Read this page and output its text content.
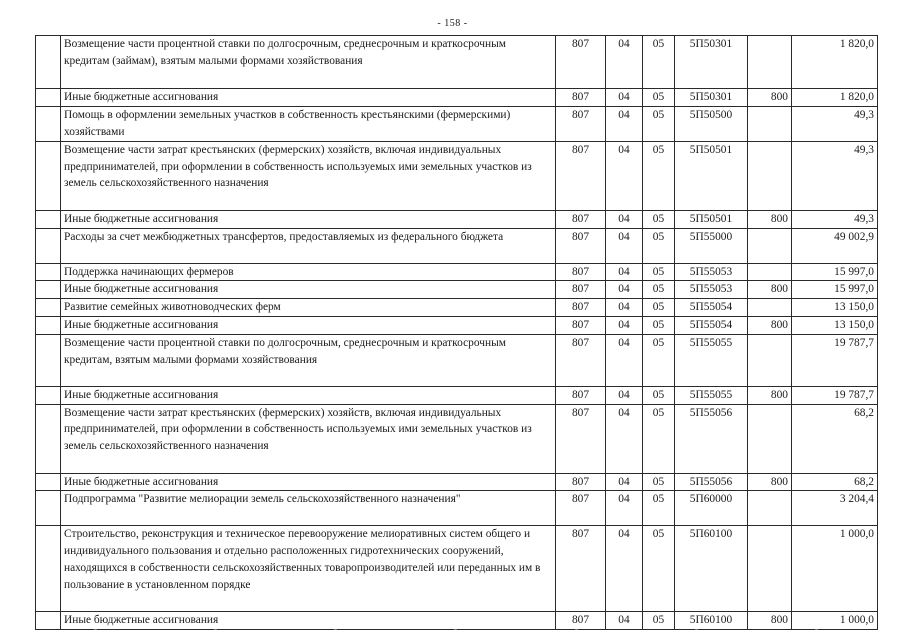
- 158 -
	Возмещение части процентной ставки по долгосрочным, среднесрочным и краткосрочным кредитам (займам), взятым малыми формами хозяйствования	807	04	05	5П50301		1 820,0
	Иные бюджетные ассигнования	807	04	05	5П50301	800	1 820,0
	Помощь в оформлении земельных участков в собственность крестьянскими (фермерскими) хозяйствами	807	04	05	5П50500		49,3
	Возмещение части затрат крестьянских (фермерских) хозяйств, включая индивидуальных предпринимателей, при оформлении в собственность используемых ими земельных участков из земель сельскохозяйственного назначения	807	04	05	5П50501		49,3
	Иные бюджетные ассигнования	807	04	05	5П50501	800	49,3
	Расходы за счет межбюджетных трансфертов, предоставляемых из федерального бюджета	807	04	05	5П55000		49 002,9
	Поддержка начинающих фермеров	807	04	05	5П55053		15 997,0
	Иные бюджетные ассигнования	807	04	05	5П55053	800	15 997,0
	Развитие семейных животноводческих ферм	807	04	05	5П55054		13 150,0
	Иные бюджетные ассигнования	807	04	05	5П55054	800	13 150,0
	Возмещение части процентной ставки по долгосрочным, среднесрочным и краткосрочным кредитам, взятым малыми формами хозяйствования	807	04	05	5П55055		19 787,7
	Иные бюджетные ассигнования	807	04	05	5П55055	800	19 787,7
	Возмещение части затрат крестьянских (фермерских) хозяйств, включая индивидуальных предпринимателей, при оформлении в собственность используемых ими земельных участков из земель сельскохозяйственного назначения	807	04	05	5П55056		68,2
	Иные бюджетные ассигнования	807	04	05	5П55056	800	68,2
	Подпрограмма "Развитие мелиорации земель сельскохозяйственного назначения"	807	04	05	5П60000		3 204,4
	Строительство, реконструкция и техническое перевооружение мелиоративных систем общего и индивидуального пользования и отдельно расположенных гидротехнических сооружений, находящихся в собственности сельскохозяйственных товаропроизводителей или переданных им в пользование в установленном порядке	807	04	05	5П60100		1 000,0
	Иные бюджетные ассигнования	807	04	05	5П60100	800	1 000,0
